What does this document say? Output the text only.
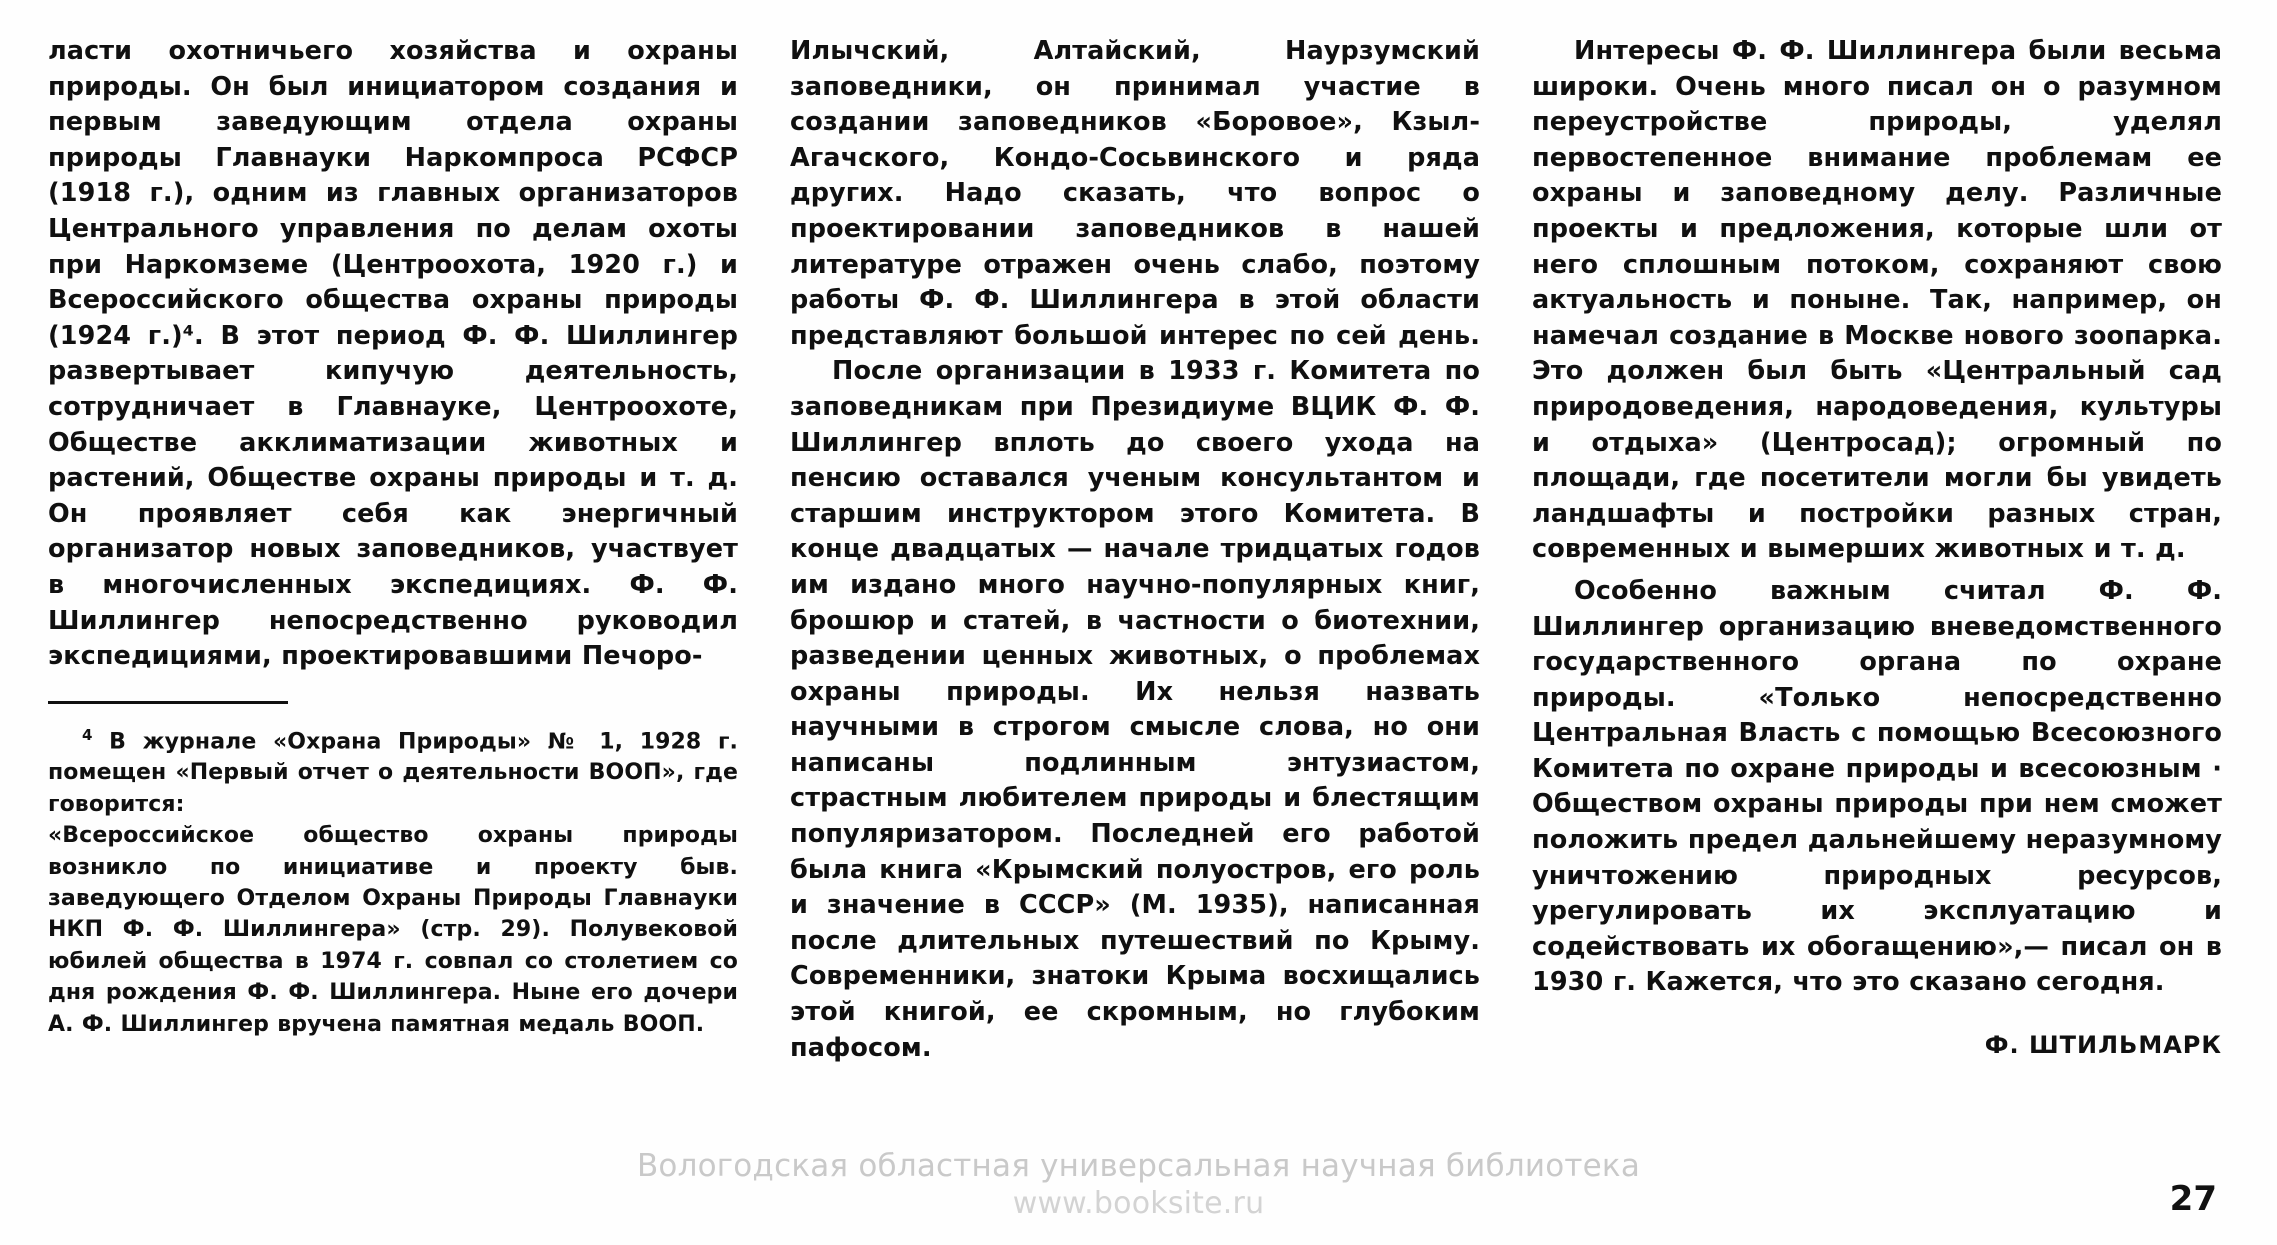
ласти охотничьего хозяйства и охраны природы. Он был инициатором создания и первым заведующим отдела охраны природы Главнауки Наркомпроса РСФСР (1918 г.), одним из главных организаторов Центрального управления по делам охоты при Наркомземе (Центроохота, 1920 г.) и Всероссийского общества охраны природы (1924 г.)⁴. В этот период Ф. Ф. Шиллингер развертывает кипучую деятельность, сотрудничает в Главнауке, Центроохоте, Обществе акклиматизации животных и растений, Обществе охраны природы и т. д. Он проявляет себя как энергичный организатор новых заповедников, участвует в многочисленных экспедициях. Ф. Ф. Шиллингер непосредственно руководил экспедициями, проектировавшими Печоро-

$^4$ В журнале «Охрана Природы» № 1, 1928 г. помещен «Первый отчет о деятельности ВООП», где говорится:

«Всероссийское общество охраны природы возникло по инициативе и проекту быв. заведующего Отделом Охраны Природы Главнауки НКП Ф. Ф. Шиллингера» (стр. 29). Полувековой юбилей общества в 1974 г. совпал со столетием со дня рождения Ф. Ф. Шиллингера. Ныне его дочери А. Ф. Шиллингер вручена памятная медаль ВООП.

Илычский, Алтайский, Наурзумский заповедники, он принимал участие в создании заповедников «Боровое», Кзыл-Агачского, Кондо-Сосьвинского и ряда других. Надо сказать, что вопрос о проектировании заповедников в нашей литературе отражен очень слабо, поэтому работы Ф. Ф. Шиллингера в этой области представляют большой интерес по сей день.

После организации в 1933 г. Комитета по заповедникам при Президиуме ВЦИК Ф. Ф. Шиллингер вплоть до своего ухода на пенсию оставался ученым консультантом и старшим инструктором этого Комитета. В конце двадцатых — начале тридцатых годов им издано много научно-популярных книг, брошюр и статей, в частности о биотехнии, разведении ценных животных, о проблемах охраны природы. Их нельзя назвать научными в строгом смысле слова, но они написаны подлинным энтузиастом, страстным любителем природы и блестящим популяризатором. Последней его работой была книга «Крымский полуостров, его роль и значение в СССР» (М. 1935), написанная после длительных путешествий по Крыму. Современники, знатоки Крыма восхищались этой книгой, ее скромным, но глубоким пафосом.

Интересы Ф. Ф. Шиллингера были весьма широки. Очень много писал он о разумном переустройстве природы, уделял первостепенное внимание проблемам ее охраны и заповедному делу. Различные проекты и предложения, которые шли от него сплошным потоком, сохраняют свою актуальность и поныне. Так, например, он намечал создание в Москве нового зоопарка. Это должен был быть «Центральный сад природоведения, народоведения, культуры и отдыха» (Центросад); огромный по площади, где посетители могли бы увидеть ландшафты и постройки разных стран, современных и вымерших животных и т. д.

Особенно важным считал Ф. Ф. Шиллингер организацию вневедомственного государственного органа по охране природы. «Только непосредственно Центральная Власть с помощью Всесоюзного Комитета по охране природы и всесоюзным · Обществом охраны природы при нем сможет положить предел дальнейшему неразумному уничтожению природных ресурсов, урегулировать их эксплуатацию и содействовать их обогащению»,— писал он в 1930 г. Кажется, что это сказано сегодня.

Ф. ШТИЛЬМАРК
Вологодская областная универсальная научная библиотека
www.booksite.ru	27
